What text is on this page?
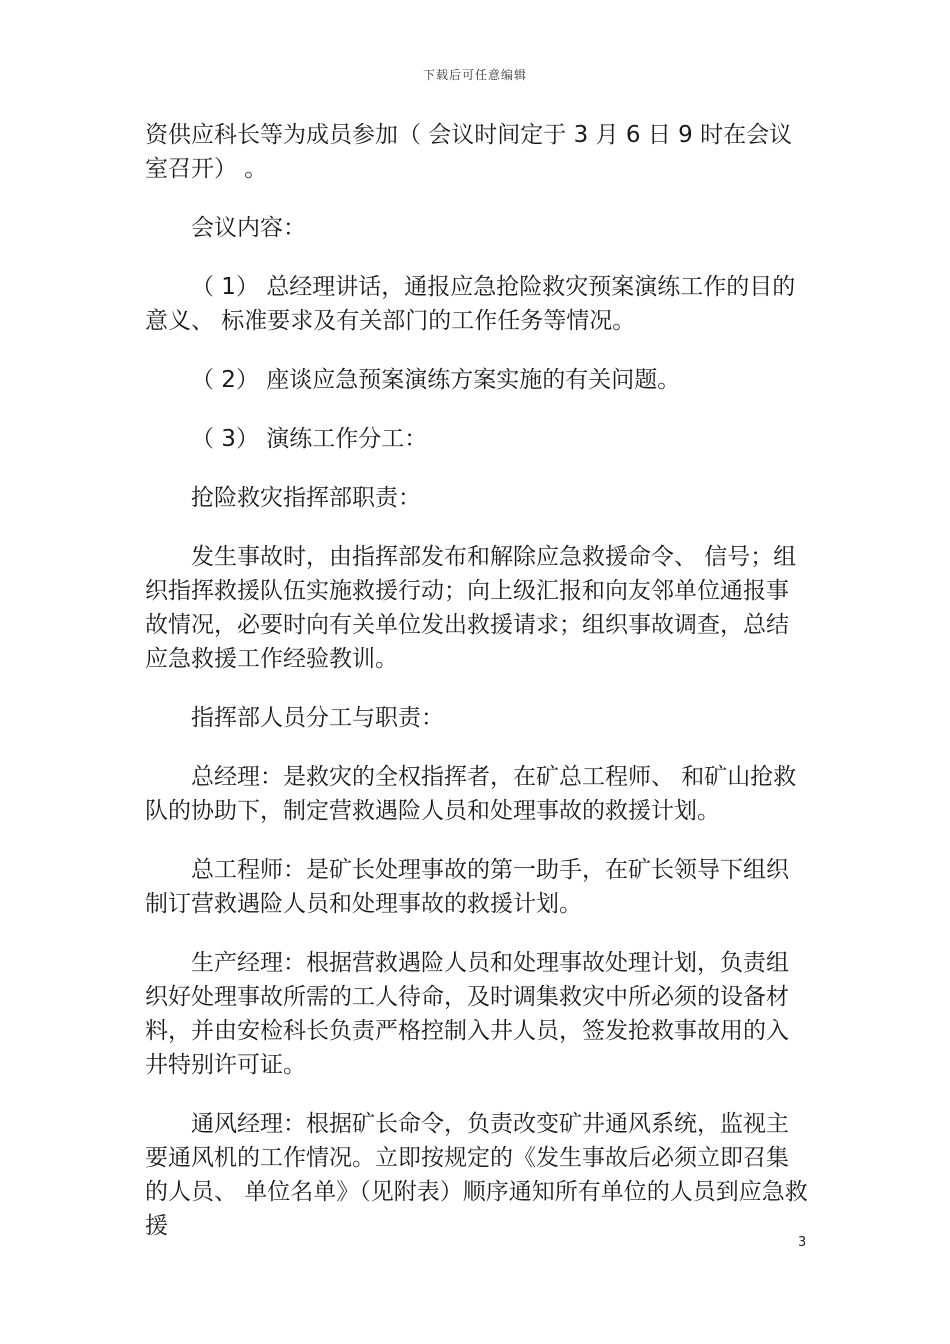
下载后可任意编辑

资供应科长等为成员参加（ 会议时间定于 3 月 6 日 9 时在会议室召开） 。

会议内容：

（ 1） 总经理讲话，通报应急抢险救灾预案演练工作的目的意义、 标准要求及有关部门的工作任务等情况。

（ 2） 座谈应急预案演练方案实施的有关问题。

（ 3） 演练工作分工：

抢险救灾指挥部职责：

发生事故时，由指挥部发布和解除应急救援命令、 信号；组织指挥救援队伍实施救援行动；向上级汇报和向友邻单位通报事故情况，必要时向有关单位发出救援请求；组织事故调查，总结应急救援工作经验教训。

指挥部人员分工与职责：

总经理：是救灾的全权指挥者，在矿总工程师、 和矿山抢救队的协助下，制定营救遇险人员和处理事故的救援计划。

总工程师：是矿长处理事故的第一助手，在矿长领导下组织制订营救遇险人员和处理事故的救援计划。

生产经理：根据营救遇险人员和处理事故处理计划，负责组织好处理事故所需的工人待命，及时调集救灾中所必须的设备材料，并由安检科长负责严格控制入井人员，签发抢救事故用的入井特别许可证。

通风经理：根据矿长命令，负责改变矿井通风系统，监视主要通风机的工作情况。立即按规定的《发生事故后必须立即召集的人员、 单位名单》（见附表）顺序通知所有单位的人员到应急救援

3
